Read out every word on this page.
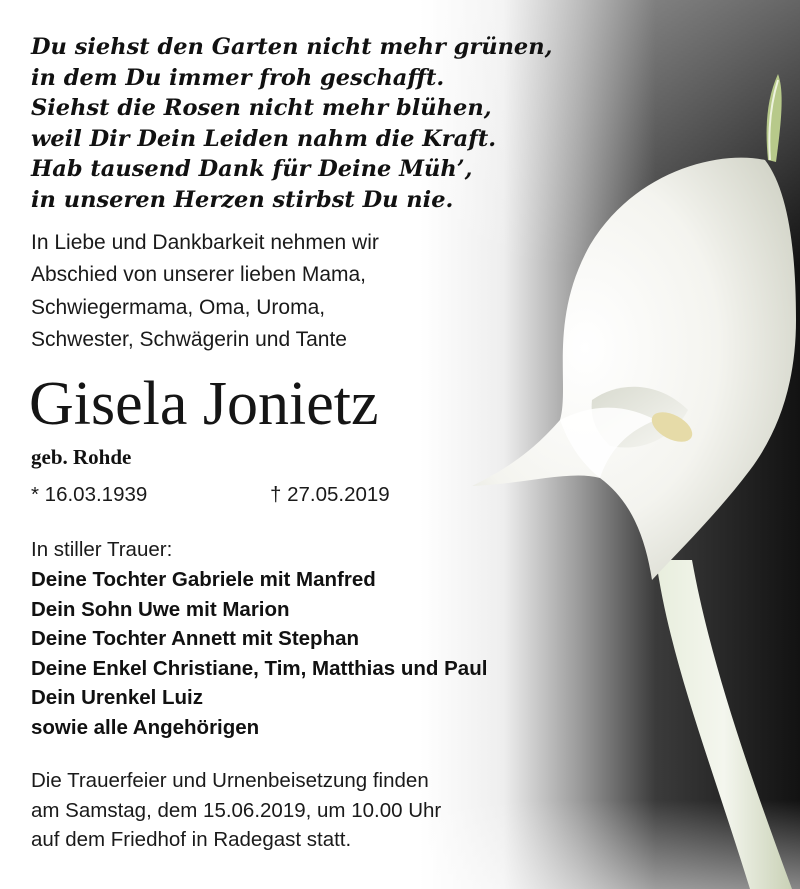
Du siehst den Garten nicht mehr grünen,
in dem Du immer froh geschafft.
Siehst die Rosen nicht mehr blühen,
weil Dir Dein Leiden nahm die Kraft.
Hab tausend Dank für Deine Müh’,
in unseren Herzen stirbst Du nie.
In Liebe und Dankbarkeit nehmen wir
Abschied von unserer lieben Mama,
Schwiegermama, Oma, Uroma,
Schwester, Schwägerin und Tante
Gisela Jonietz
geb. Rohde
* 16.03.1939	† 27.05.2019
In stiller Trauer:
Deine Tochter Gabriele mit Manfred
Dein Sohn Uwe mit Marion
Deine Tochter Annett mit Stephan
Deine Enkel Christiane, Tim, Matthias und Paul
Dein Urenkel Luiz
sowie alle Angehörigen
Die Trauerfeier und Urnenbeisetzung finden
am Samstag, dem 15.06.2019, um 10.00 Uhr
auf dem Friedhof in Radegast statt.
